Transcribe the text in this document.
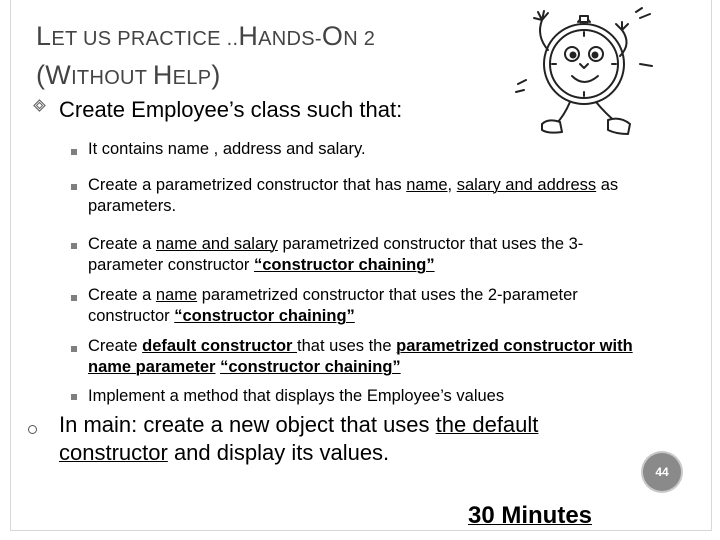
LET US PRACTICE ..HANDS-ON 2
(WITHOUT HELP)
Create Employee’s class such that:
It contains name , address and salary.
Create a parametrized constructor that has name, salary and address as parameters.
Create a name and salary parametrized constructor that uses the 3-parameter constructor “constructor chaining”
Create a name parametrized constructor that uses the 2-parameter constructor “constructor chaining”
Create default constructor that uses the parametrized constructor with name parameter “constructor chaining”
Implement a method that displays the Employee’s values
In main: create a new object that uses the default constructor and display its values.
44
30 Minutes
